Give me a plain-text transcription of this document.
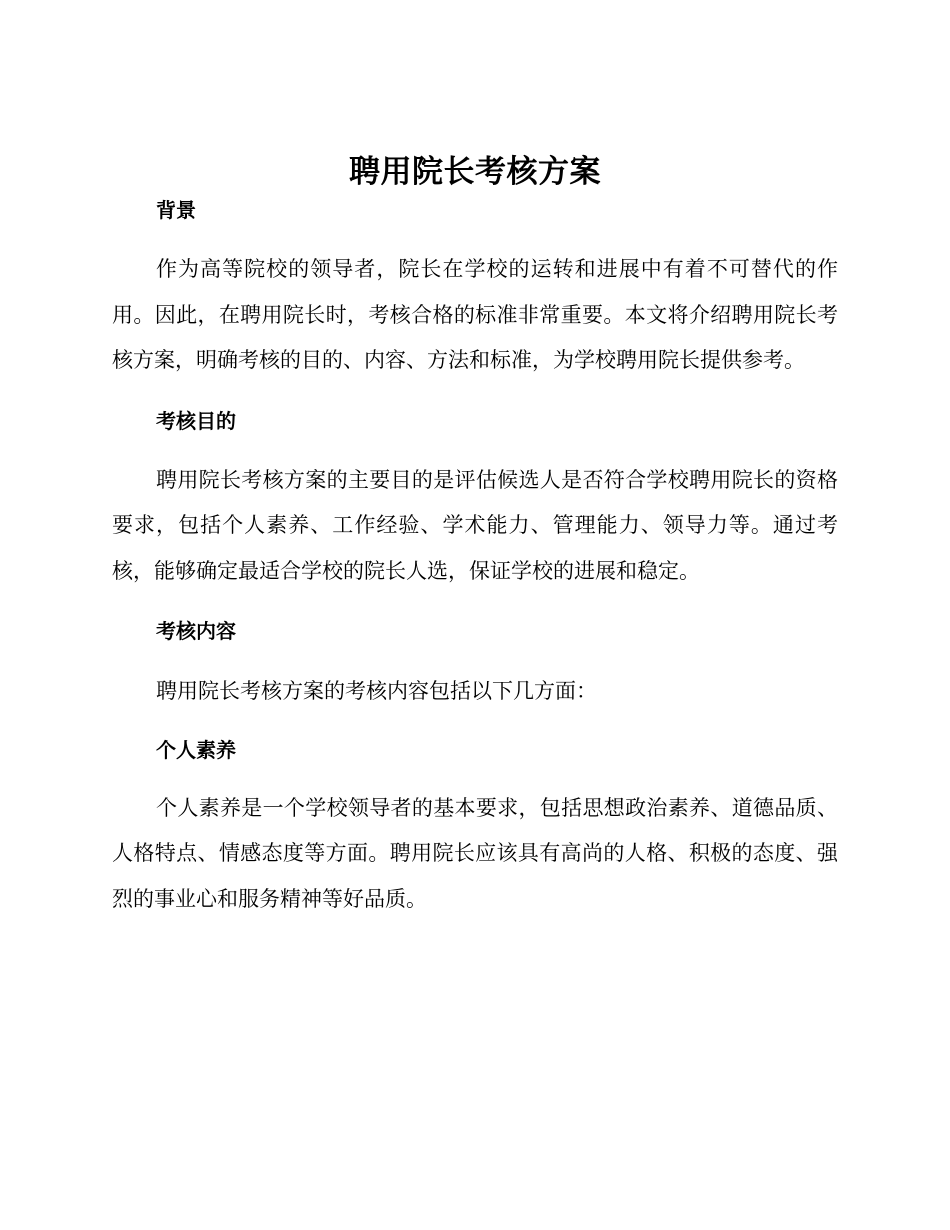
聘用院长考核方案
背景

作为高等院校的领导者，院长在学校的运转和进展中有着不可替代的作用。因此，在聘用院长时，考核合格的标准非常重要。本文将介绍聘用院长考核方案，明确考核的目的、内容、方法和标准，为学校聘用院长提供参考。

考核目的

聘用院长考核方案的主要目的是评估候选人是否符合学校聘用院长的资格要求，包括个人素养、工作经验、学术能力、管理能力、领导力等。通过考核，能够确定最适合学校的院长人选，保证学校的进展和稳定。

考核内容

聘用院长考核方案的考核内容包括以下几方面：

个人素养

个人素养是一个学校领导者的基本要求，包括思想政治素养、道德品质、人格特点、情感态度等方面。聘用院长应该具有高尚的人格、积极的态度、强烈的事业心和服务精神等好品质。
